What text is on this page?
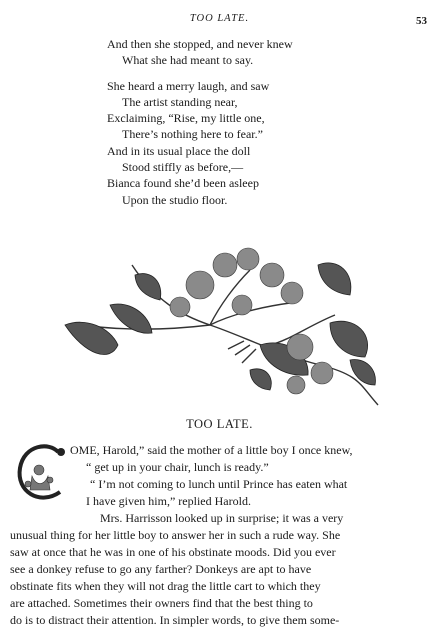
TOO LATE.	53
And then she stopped, and never knew
What she had meant to say.
She heard a merry laugh, and saw
The artist standing near,
Exclaiming, “Rise, my little one,
There’s nothing here to fear.”
And in its usual place the doll
Stood stiffly as before,—
Bianca found she’d been asleep
Upon the studio floor.
TOO LATE.
OME, Harold,” said the mother of a little boy I once knew,
“ get up in your chair, lunch is ready.”
“ I’m not coming to lunch until Prince has eaten what
I have given him,” replied Harold.
Mrs. Harrisson looked up in surprise; it was a very
unusual thing for her little boy to answer her in such a rude way. She
saw at once that he was in one of his obstinate moods. Did you ever
see a donkey refuse to go any farther? Donkeys are apt to have
obstinate fits when they will not drag the little cart to which they
are attached. Sometimes their owners find that the best thing to
do is to distract their attention. In simpler words, to give them some-
